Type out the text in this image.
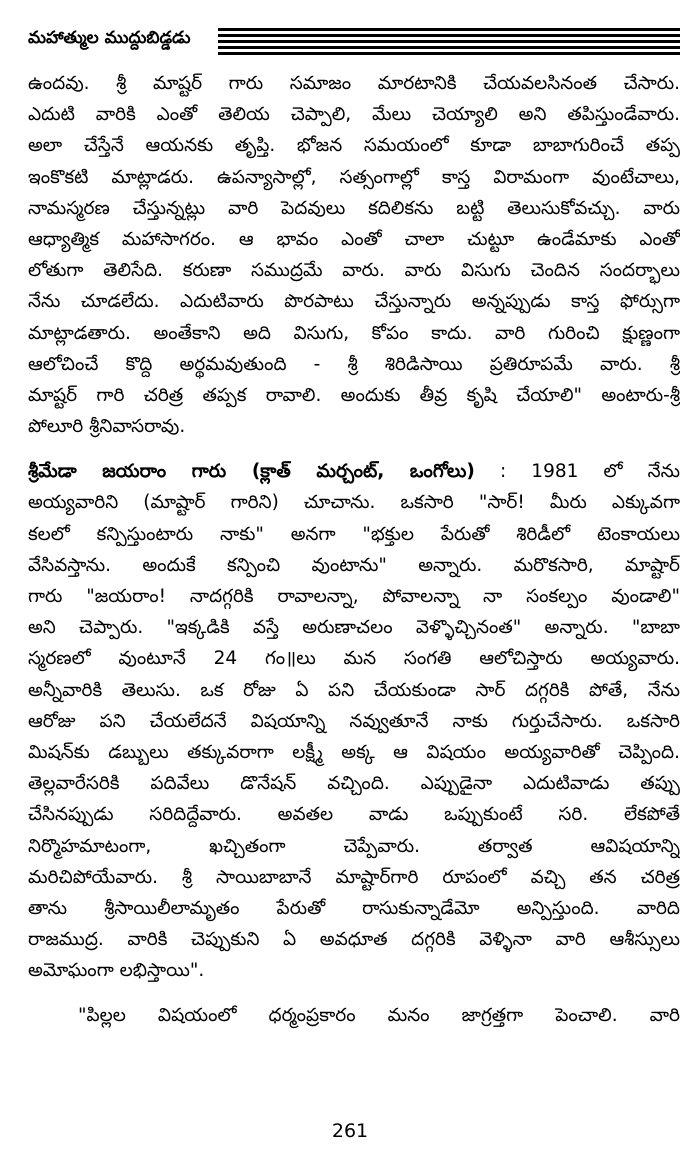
మహాత్ముల ముద్దుబిడ్డడు
ఉందవు. శ్రీ మాష్టర్ గారు సమాజం మారటానికి చేయవలసినంత చేసారు.
ఎదుటి వారికి ఎంతో తెలియ చెప్పాలి, మేలు చెయ్యాలి అని తపిస్తుండేవారు.
అలా చేస్తేనే ఆయనకు తృప్తి. భోజన సమయంలో కూడా బాబాగురించే తప్ప
ఇంకొకటి మాట్లాడరు. ఉపన్యాసాల్లో, సత్సంగాల్లో కాస్త విరామంగా వుంటేచాలు,
నామస్మరణ చేస్తున్నట్లు వారి పెదవులు కదిలికను బట్టి తెలుసుకోవచ్చు. వారు
ఆధ్యాత్మిక మహాసాగరం. ఆ భావం ఎంతో చాలా చుట్టూ ఉండేమాకు ఎంతో
లోతుగా తెలిసేది. కరుణా సముద్రమే వారు. వారు విసుగు చెందిన సందర్భాలు
నేను చూడలేదు. ఎదుటివారు పొరపాటు చేస్తున్నారు అన్నప్పుడు కాస్త ఫోర్సుగా
మాట్లాడతారు. అంతేకాని అది విసుగు, కోపం కాదు. వారి గురించి క్షుణ్ణంగా
ఆలోచించే కొద్ది అర్థమవుతుంది - శ్రీ శిరిడిసాయి ప్రతిరూపమే వారు. శ్రీ
మాష్టర్ గారి చరిత్ర తప్పక రావాలి. అందుకు తీవ్ర కృషి చేయాలి" అంటారు-శ్రీ
పోలూరి శ్రీనివాసరావు.
శ్రీమేడా జయరాం గారు (క్లాత్ మర్చంట్, ఒంగోలు) : 1981 లో నేను
అయ్యవారిని (మాష్టార్ గారిని) చూచాను. ఒకసారి "సార్! మీరు ఎక్కువగా
కలలో కన్పిస్తుంటారు నాకు" అనగా "భక్తుల పేరుతో శిరిడీలో టెంకాయలు
వేసివస్తాను. అందుకే కన్పించి వుంటాను" అన్నారు. మరొకసారి, మాష్టార్
గారు "జయరాం! నాదగ్గరికి రావాలన్నా, పోవాలన్నా నా సంకల్పం వుండాలి"
అని చెప్పారు. "ఇక్కడికి వస్తే అరుణాచలం వెళ్ళొచ్చినంత" అన్నారు. "బాబా
స్మరణలో వుంటూనే 24 గం॥లు మన సంగతి ఆలోచిస్తారు అయ్యవారు.
అన్నీవారికి తెలుసు. ఒక రోజు ఏ పని చేయకుండా సార్ దగ్గరికి పోతే, నేను
ఆరోజు పని చేయలేదనే విషయాన్ని నవ్వుతూనే నాకు గుర్తుచేసారు. ఒకసారి
మిషన్‌కు డబ్బులు తక్కువరాగా లక్ష్మీ అక్క ఆ విషయం అయ్యవారితో చెప్పింది.
తెల్లవారేసరికి పదివేలు డొనేషన్ వచ్చింది. ఎప్పుడైనా ఎదుటివాడు తప్పు
చేసినప్పుడు సరిదిద్దేవారు. అవతల వాడు ఒప్పుకుంటే సరి. లేకపోతే
నిర్మొహమాటంగా, ఖచ్చితంగా చెప్పేవారు. తర్వాత ఆవిషయాన్ని
మరిచిపోయేవారు. శ్రీ సాయిబాబానే మాష్టార్‌గారి రూపంలో వచ్చి తన చరిత్ర
తాను శ్రీసాయిలీలామృతం పేరుతో రాసుకున్నాడేమో అన్పిస్తుంది. వారిది
రాజముద్ర. వారికి చెప్పుకుని ఏ అవధూత దగ్గరికి వెళ్ళినా వారి ఆశీస్సులు
అమోఘంగా లభిస్తాయి".
"పిల్లల విషయంలో ధర్మంప్రకారం మనం జాగ్రత్తగా పెంచాలి. వారి
261
